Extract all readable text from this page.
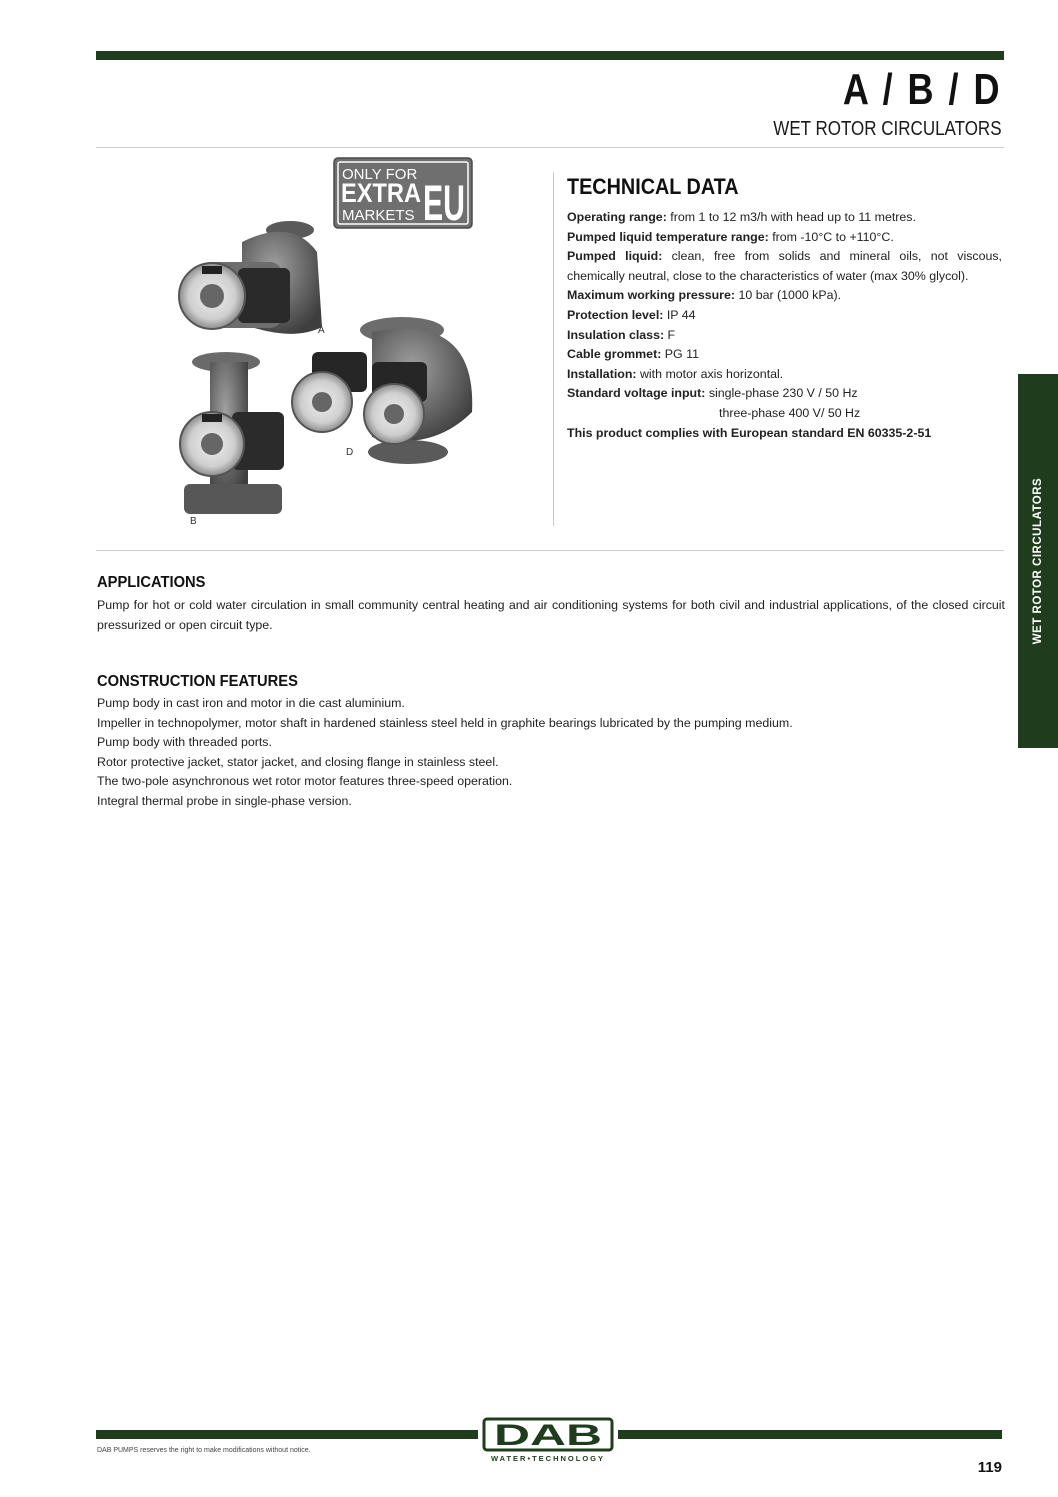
A / B / D
WET ROTOR CIRCULATORS
ONLY FOR
EXTRA
MARKETS EU
A
B
D
TECHNICAL DATA
Operating range: from 1 to 12 m3/h with head up to 11 metres.
Pumped liquid temperature range: from -10°C to +110°C.
Pumped liquid: clean, free from solids and mineral oils, not viscous, chemically neutral, close to the characteristics of water (max 30% glycol).
Maximum working pressure: 10 bar (1000 kPa).
Protection level: IP 44
Insulation class: F
Cable grommet: PG 11
Installation: with motor axis horizontal.
Standard voltage input: single-phase 230 V / 50 Hz
three-phase 400 V/ 50 Hz
This product complies with European standard EN 60335-2-51
APPLICATIONS
Pump for hot or cold water circulation in small community central heating and air conditioning systems for both civil and industrial applications, of the closed circuit pressurized or open circuit type.
CONSTRUCTION FEATURES
Pump body in cast iron and motor in die cast aluminium.
Impeller in technopolymer, motor shaft in hardened stainless steel held in graphite bearings lubricated by the pumping medium.
Pump body with threaded ports.
Rotor protective jacket, stator jacket, and closing flange in stainless steel.
The two-pole asynchronous wet rotor motor features three-speed operation.
Integral thermal probe in single-phase version.
WET ROTOR CIRCULATORS
DAB
WATER•TECHNOLOGY
DAB PUMPS reserves the right to make modifications without notice.
119
